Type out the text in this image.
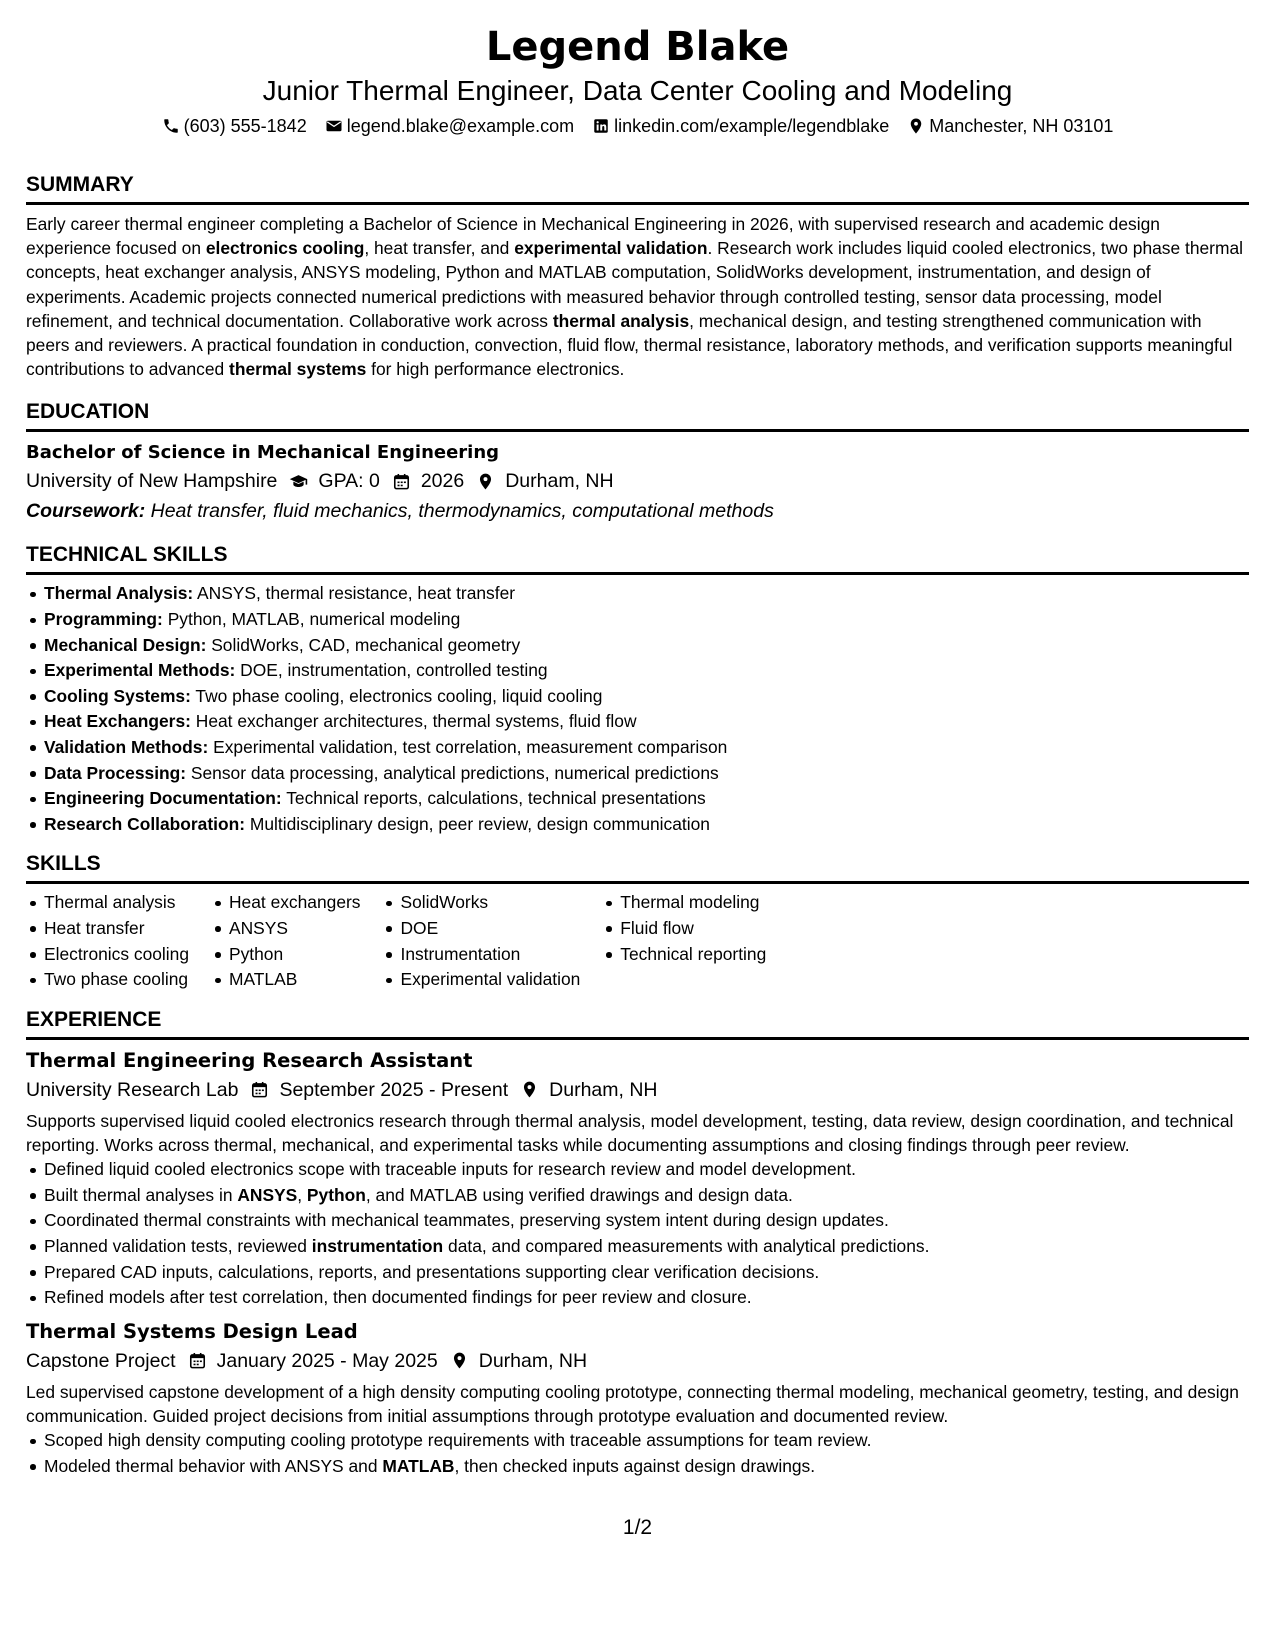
Legend Blake
Junior Thermal Engineer, Data Center Cooling and Modeling
(603) 555-1842 legend.blake@example.com linkedin.com/example/legendblake Manchester, NH 03101
SUMMARY
Early career thermal engineer completing a Bachelor of Science in Mechanical Engineering in 2026, with supervised research and academic design experience focused on electronics cooling, heat transfer, and experimental validation. Research work includes liquid cooled electronics, two phase thermal concepts, heat exchanger analysis, ANSYS modeling, Python and MATLAB computation, SolidWorks development, instrumentation, and design of experiments. Academic projects connected numerical predictions with measured behavior through controlled testing, sensor data processing, model refinement, and technical documentation. Collaborative work across thermal analysis, mechanical design, and testing strengthened communication with peers and reviewers. A practical foundation in conduction, convection, fluid flow, thermal resistance, laboratory methods, and verification supports meaningful contributions to advanced thermal systems for high performance electronics.
EDUCATION
Bachelor of Science in Mechanical Engineering
University of New Hampshire GPA: 0 2026 Durham, NH
Coursework: Heat transfer, fluid mechanics, thermodynamics, computational methods
TECHNICAL SKILLS
Thermal Analysis: ANSYS, thermal resistance, heat transfer
Programming: Python, MATLAB, numerical modeling
Mechanical Design: SolidWorks, CAD, mechanical geometry
Experimental Methods: DOE, instrumentation, controlled testing
Cooling Systems: Two phase cooling, electronics cooling, liquid cooling
Heat Exchangers: Heat exchanger architectures, thermal systems, fluid flow
Validation Methods: Experimental validation, test correlation, measurement comparison
Data Processing: Sensor data processing, analytical predictions, numerical predictions
Engineering Documentation: Technical reports, calculations, technical presentations
Research Collaboration: Multidisciplinary design, peer review, design communication
SKILLS
Thermal analysis
Heat transfer
Electronics cooling
Two phase cooling
Heat exchangers
ANSYS
Python
MATLAB
SolidWorks
DOE
Instrumentation
Experimental validation
Thermal modeling
Fluid flow
Technical reporting
EXPERIENCE
Thermal Engineering Research Assistant
University Research Lab September 2025 - Present Durham, NH
Supports supervised liquid cooled electronics research through thermal analysis, model development, testing, data review, design coordination, and technical reporting. Works across thermal, mechanical, and experimental tasks while documenting assumptions and closing findings through peer review.
Defined liquid cooled electronics scope with traceable inputs for research review and model development.
Built thermal analyses in ANSYS, Python, and MATLAB using verified drawings and design data.
Coordinated thermal constraints with mechanical teammates, preserving system intent during design updates.
Planned validation tests, reviewed instrumentation data, and compared measurements with analytical predictions.
Prepared CAD inputs, calculations, reports, and presentations supporting clear verification decisions.
Refined models after test correlation, then documented findings for peer review and closure.
Thermal Systems Design Lead
Capstone Project January 2025 - May 2025 Durham, NH
Led supervised capstone development of a high density computing cooling prototype, connecting thermal modeling, mechanical geometry, testing, and design communication. Guided project decisions from initial assumptions through prototype evaluation and documented review.
Scoped high density computing cooling prototype requirements with traceable assumptions for team review.
Modeled thermal behavior with ANSYS and MATLAB, then checked inputs against design drawings.
1/2
